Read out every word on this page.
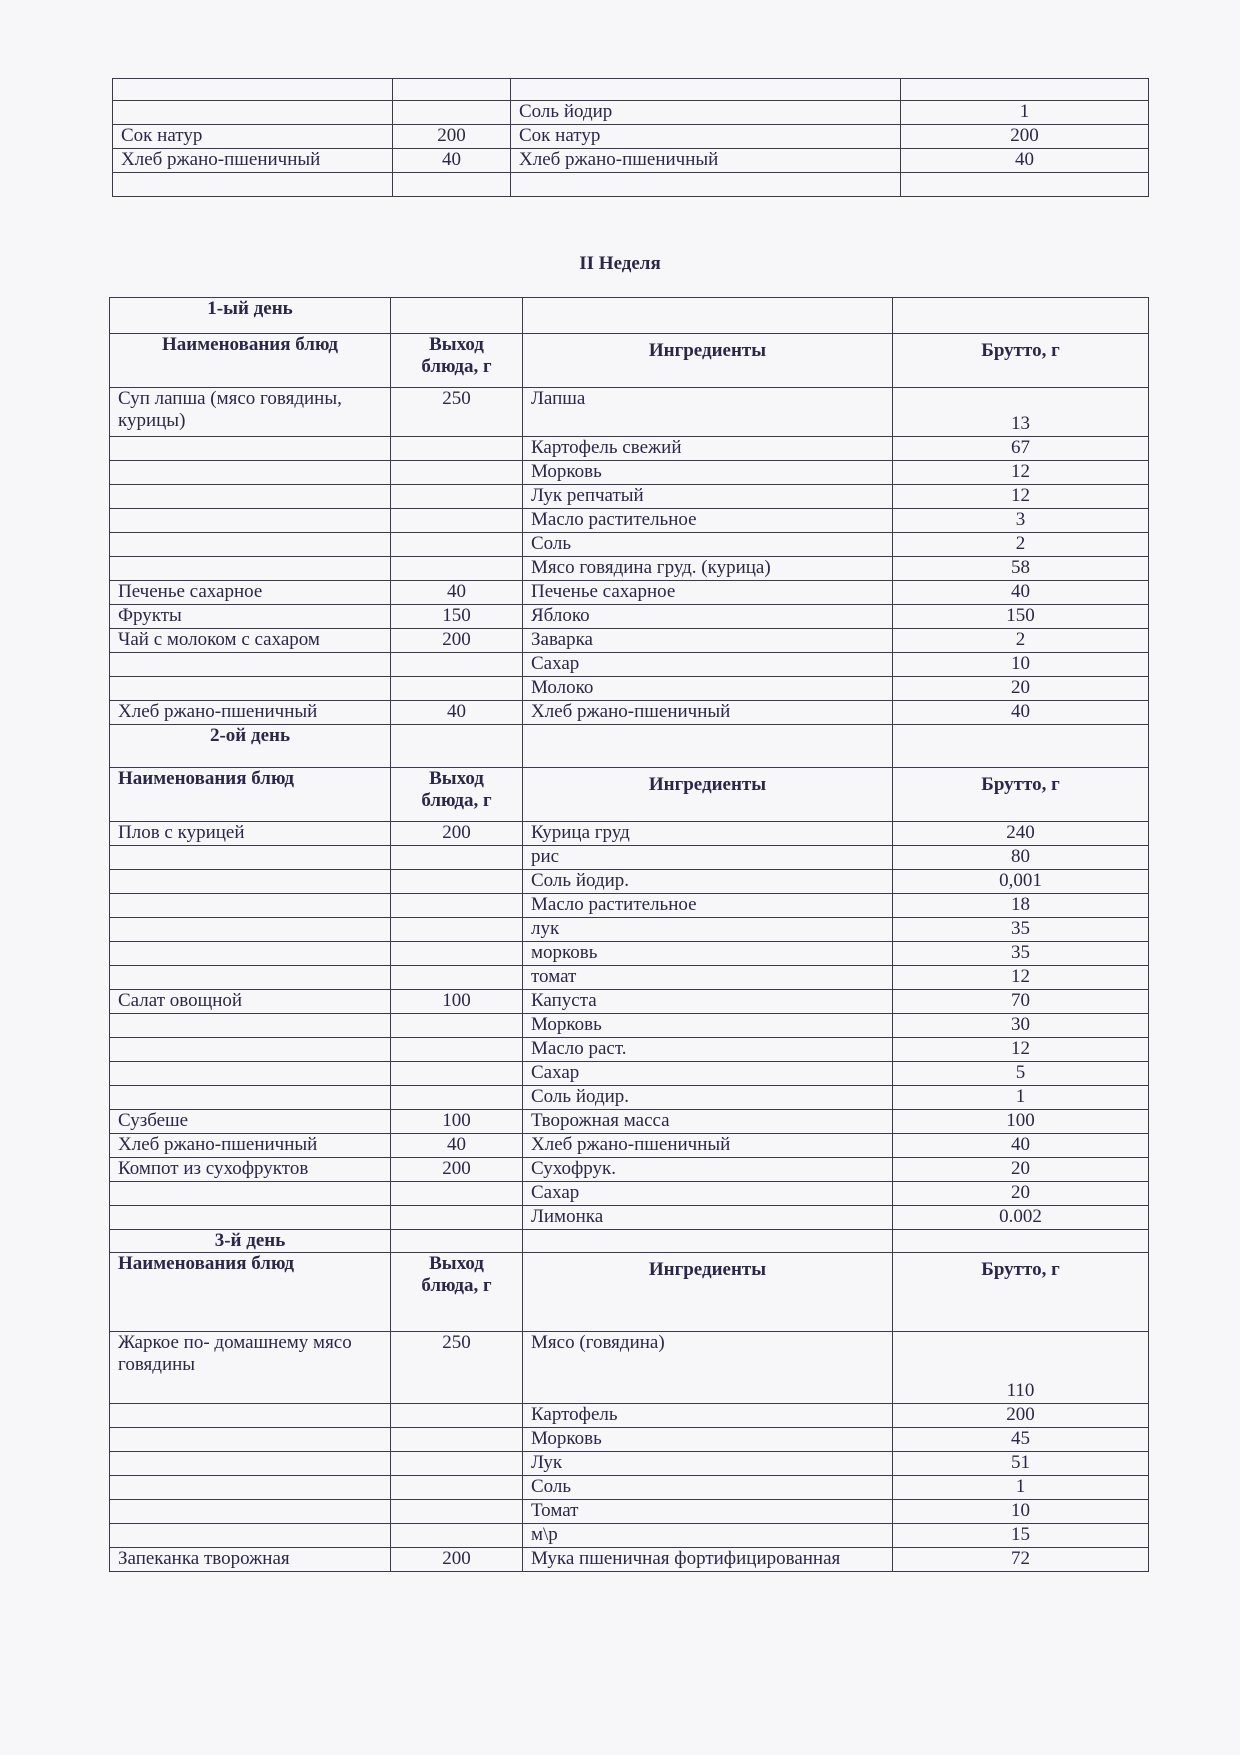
		Соль йодир	1
Сок натур	200	Сок натур	200
Хлеб ржано-пшеничный	40	Хлеб ржано-пшеничный	40

II Неделя
1-ый день			
Наименования блюд	Выход блюда, г	Ингредиенты	Брутто, г
Суп лапша (мясо говядины, курицы)	250	Лапша	13
		Картофель свежий	67
		Морковь	12
		Лук репчатый	12
		Масло растительное	3
		Соль	2
		Мясо говядина груд. (курица)	58
Печенье сахарное	40	Печенье сахарное	40
Фрукты	150	Яблоко	150
Чай с молоком с сахаром	200	Заварка	2
		Сахар	10
		Молоко	20
Хлеб ржано-пшеничный	40	Хлеб ржано-пшеничный	40
2-ой день			
Наименования блюд	Выход блюда, г	Ингредиенты	Брутто, г
Плов с курицей	200	Курица груд	240
		рис	80
		Соль йодир.	0,001
		Масло растительное	18
		лук	35
		морковь	35
		томат	12
Салат овощной	100	Капуста	70
		Морковь	30
		Масло раст.	12
		Сахар	5
		Соль йодир.	1
Сузбеше	100	Творожная масса	100
Хлеб ржано-пшеничный	40	Хлеб ржано-пшеничный	40
Компот из сухофруктов	200	Сухофрук.	20
		Сахар	20
		Лимонка	0.002
3-й день			
Наименования блюд	Выход блюда, г	Ингредиенты	Брутто, г
Жаркое по- домашнему мясо говядины	250	Мясо (говядина)	110
		Картофель	200
		Морковь	45
		Лук	51
		Соль	1
		Томат	10
		м\р	15
Запеканка творожная	200	Мука пшеничная фортифицированная	72
